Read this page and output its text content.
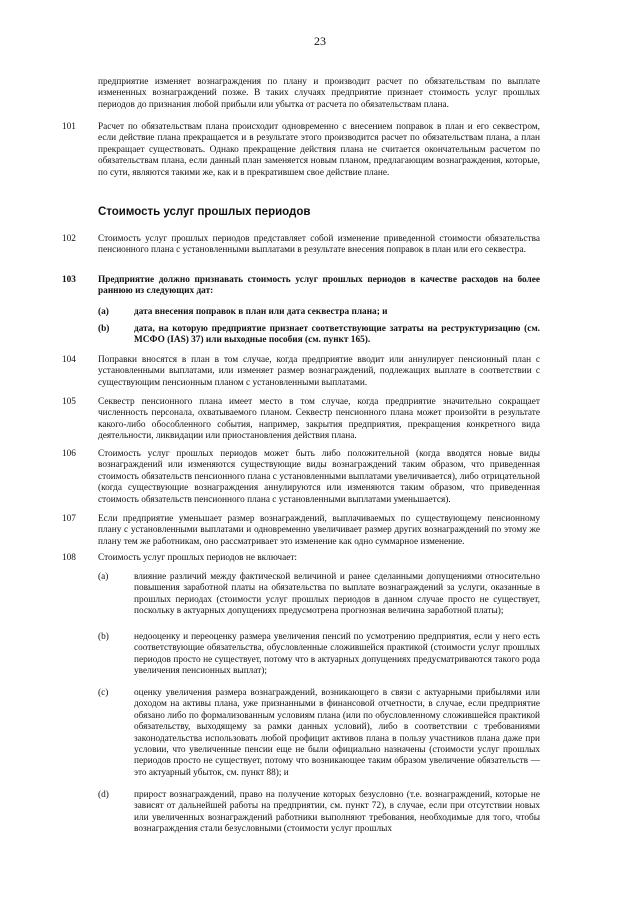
23
предприятие изменяет вознаграждения по плану и производит расчет по обязательствам по выплате измененных вознаграждений позже. В таких случаях предприятие признает стоимость услуг прошлых периодов до признания любой прибыли или убытка от расчета по обязательствам плана.
101 Расчет по обязательствам плана происходит одновременно с внесением поправок в план и его секвестром, если действие плана прекращается и в результате этого производится расчет по обязательствам плана, а план прекращает существовать. Однако прекращение действия плана не считается окончательным расчетом по обязательствам плана, если данный план заменяется новым планом, предлагающим вознаграждения, которые, по сути, являются такими же, как и в прекратившем свое действие плане.
Стоимость услуг прошлых периодов
102 Стоимость услуг прошлых периодов представляет собой изменение приведенной стоимости обязательства пенсионного плана с установленными выплатами в результате внесения поправок в план или его секвестра.
103 Предприятие должно признавать стоимость услуг прошлых периодов в качестве расходов на более раннюю из следующих дат:
(a)	дата внесения поправок в план или дата секвестра плана; и
(b)	дата, на которую предприятие признает соответствующие затраты на реструктуризацию (см. МСФО (IAS) 37) или выходные пособия (см. пункт 165).
104 Поправки вносятся в план в том случае, когда предприятие вводит или аннулирует пенсионный план с установленными выплатами, или изменяет размер вознаграждений, подлежащих выплате в соответствии с существующим пенсионным планом с установленными выплатами.
105 Секвестр пенсионного плана имеет место в том случае, когда предприятие значительно сокращает численность персонала, охватываемого планом. Секвестр пенсионного плана может произойти в результате какого-либо обособленного события, например, закрытия предприятия, прекращения конкретного вида деятельности, ликвидации или приостановления действия плана.
106 Стоимость услуг прошлых периодов может быть либо положительной (когда вводятся новые виды вознаграждений или изменяются существующие виды вознаграждений таким образом, что приведенная стоимость обязательств пенсионного плана с установленными выплатами увеличивается), либо отрицательной (когда существующие вознаграждения аннулируются или изменяются таким образом, что приведенная стоимость обязательств пенсионного плана с установленными выплатами уменьшается).
107 Если предприятие уменьшает размер вознаграждений, выплачиваемых по существующему пенсионному плану с установленными выплатами и одновременно увеличивает размер других вознаграждений по этому же плану тем же работникам, оно рассматривает это изменение как одно суммарное изменение.
108 Стоимость услуг прошлых периодов не включает:
(a)	влияние различий между фактической величиной и ранее сделанными допущениями относительно повышения заработной платы на обязательства по выплате вознаграждений за услуги, оказанные в прошлых периодах (стоимости услуг прошлых периодов в данном случае просто не существует, поскольку в актуарных допущениях предусмотрена прогнозная величина заработной платы);
(b)	недооценку и переоценку размера увеличения пенсий по усмотрению предприятия, если у него есть соответствующие обязательства, обусловленные сложившейся практикой (стоимости услуг прошлых периодов просто не существует, потому что в актуарных допущениях предусматриваются такого рода увеличения пенсионных выплат);
(c)	оценку увеличения размера вознаграждений, возникающего в связи с актуарными прибылями или доходом на активы плана, уже признанными в финансовой отчетности, в случае, если предприятие обязано либо по формализованным условиям плана (или по обусловленному сложившейся практикой обязательству, выходящему за рамки данных условий), либо в соответствии с требованиями законодательства использовать любой профицит активов плана в пользу участников плана даже при условии, что увеличенные пенсии еще не были официально назначены (стоимости услуг прошлых периодов просто не существует, потому что возникающее таким образом увеличение обязательств — это актуарный убыток, см. пункт 88); и
(d)	прирост вознаграждений, право на получение которых безусловно (т.е. вознаграждений, которые не зависят от дальнейшей работы на предприятии, см. пункт 72), в случае, если при отсутствии новых или увеличенных вознаграждений работники выполняют требования, необходимые для того, чтобы вознаграждения стали безусловными (стоимости услуг прошлых
